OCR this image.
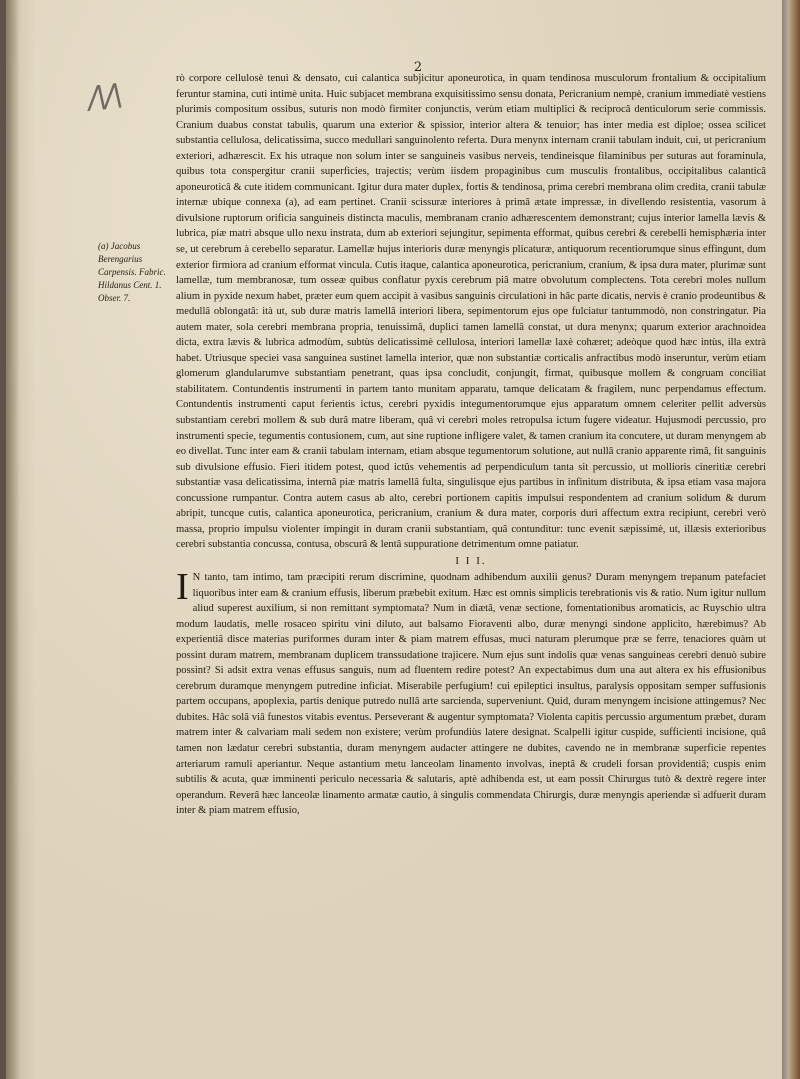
2
/\/\
(a) Jacobus Berengarius Carpensis. Fabric. Hildanus Cent. 1. Obser. 7.

rò corpore cellulosè tenui & densato, cui calantica subjicitur aponeurotica, in quam tendinosa musculorum frontalium & occipitalium feruntur stamina, cuti intimè unita. Huic subjacet membrana exquisitissimo sensu donata, Pericranium nempè, cranium immediatè vestiens plurimis compositum ossibus, suturis non modò firmiter conjunctis, verùm etiam multiplici & reciprocâ denticulorum serie commissis. Cranium duabus constat tabulis, quarum una exterior & spissior, interior altera & tenuior; has inter media est diploe; ossea scilicet substantia cellulosa, delicatissima, succo medullari sanguinolento referta. Dura menynx internam cranii tabulam induit, cui, ut pericranium exteriori, adhærescit. Ex his utraque non solum inter se sanguineis vasibus nerveis, tendineisque filaminibus per suturas aut foraminula, quibus tota conspergitur cranii superficies, trajectis; verùm iisdem propaginibus cum musculis frontalibus, occipitalibus calanticâ aponeuroticâ & cute itidem communicant. Igitur dura mater duplex, fortis & tendinosa, prima cerebri membrana olim credita, cranii tabulæ internæ ubique connexa (a), ad eam pertinet. Cranii scissuræ interiores à primâ ætate impressæ, in divellendo resistentia, vasorum à divulsione ruptorum orificia sanguineis distincta maculis, membranam cranio adhærescentem demonstrant; cujus interior lamella lævis & lubrica, piæ matri absque ullo nexu instrata, dum ab exteriori sejungitur, sepimenta efformat, quibus cerebri & cerebelli hemisphæria inter se, ut cerebrum à cerebello separatur. Lamellæ hujus interioris duræ menyngis plicaturæ, antiquorum recentiorumque sinus effingunt, dum exterior firmiora ad cranium efformat vincula. Cutis itaque, calantica aponeurotica, pericranium, cranium, & ipsa dura mater, plurimæ sunt lamellæ, tum membranosæ, tum osseæ quibus conflatur pyxis cerebrum piâ matre obvolutum complectens. Tota cerebri moles nullum alium in pyxide nexum habet, præter eum quem accipit à vasibus sanguinis circulationi in hâc parte dicatis, nervis è cranio prodeuntibus & medullâ oblongatâ: ità ut, sub duræ matris lamellâ interiori libera, sepimentorum ejus ope fulciatur tantummodò, non constringatur. Pia autem mater, sola cerebri membrana propria, tenuissimâ, duplici tamen lamellâ constat, ut dura menynx; quarum exterior arachnoidea dicta, extra lævis & lubrica admodùm, subtùs delicatissimè cellulosa, interiori lamellæ laxè cohæret; adeòque quod hæc intùs, illa extrà habet. Utriusque speciei vasa sanguinea sustinet lamella interior, quæ non substantiæ corticalis anfractibus modò inseruntur, verùm etiam glomerum glandularumve substantiam penetrant, quas ipsa concludit, conjungit, firmat, quibusque mollem & congruam conciliat stabilitatem. Contundentis instrumenti in partem tanto munitam apparatu, tamque delicatam & fragilem, nunc perpendamus effectum. Contundentis instrumenti caput ferientis ictus, cerebri pyxidis integumentorumque ejus apparatum omnem celeriter pellit adversùs substantiam cerebri mollem & sub durâ matre liberam, quâ vi cerebri moles retropulsa ictum fugere videatur. Hujusmodi percussio, pro instrumenti specie, tegumentis contusionem, cum, aut sine ruptione infligere valet, & tamen cranium ita concutere, ut duram menyngem ab eo divellat. Tunc inter eam & cranii tabulam internam, etiam absque tegumentorum solutione, aut nullâ cranio apparente rimâ, fit sanguinis sub divulsione effusio. Fieri itidem potest, quod ictûs vehementis ad perpendiculum tanta sit percussio, ut mollioris cineritiæ cerebri substantiæ vasa delicatissima, internâ piæ matris lamellâ fulta, singulisque ejus partibus in infinitum distributa, & ipsa etiam vasa majora concussione rumpantur. Contra autem casus ab alto, cerebri portionem capitis impulsui respondentem ad cranium solidum & durum abripit, tuncque cutis, calantica aponeurotica, pericranium, cranium & dura mater, corporis duri affectum extra recipiunt, cerebri verò massa, proprio impulsu violenter impingit in duram cranii substantiam, quâ contunditur: tunc evenit sæpissimè, ut, illæsis exterioribus cerebri substantia concussa, contusa, obscurâ & lentâ suppuratione detrimentum omne patiatur.

I I I.

I N tanto, tam intimo, tam præcipiti rerum discrimine, quodnam adhibendum auxilii genus? Duram menyngem trepanum patefaciet liquoribus inter eam & cranium effusis, liberum præbebit exitum. Hæc est omnis simplicis terebrationis vis & ratio. Num igitur nullum aliud superest auxilium, si non remittant symptomata? Num in diætâ, venæ sectione, fomentationibus aromaticis, ac Ruyschio ultra modum laudatis, melle rosaceo spiritu vini diluto, aut balsamo Fioraventi albo, duræ menyngi sindone applicito, hærebimus? Ab experientiâ disce materias puriformes duram inter & piam matrem effusas, muci naturam plerumque præ se ferre, tenaciores quàm ut possint duram matrem, membranam duplicem transsudatione trajicere. Num ejus sunt indolis quæ venas sanguineas cerebri denuò subire possint? Si adsit extra venas effusus sanguis, num ad fluentem redire potest? An expectabimus dum una aut altera ex his effusionibus cerebrum duramque menyngem putredine inficiat. Miserabile perfugium! cui epileptici insultus, paralysis oppositam semper suffusionis partem occupans, apoplexia, partis denique putredo nullâ arte sarcienda, superveniunt. Quid, duram menyngem incisione attingemus? Nec dubites. Hâc solâ viâ funestos vitabis eventus. Perseverant & augentur symptomata? Violenta capitis percussio argumentum præbet, duram matrem inter & calvariam mali sedem non existere; verùm profundiùs latere designat. Scalpelli igitur cuspide, sufficienti incisione, quâ tamen non lædatur cerebri substantia, duram menyngem audacter attingere ne dubites, cavendo ne in membranæ superficie repentes arteriarum ramuli aperiantur. Neque astantium metu lanceolam linamento involvas, ineptâ & crudeli forsan providentiâ; cuspis enim subtilis & acuta, quæ imminenti periculo necessaria & salutaris, aptè adhibenda est, ut eam possit Chirurgus tutò & dextrè regere inter operandum. Reverâ hæc lanceolæ linamento armatæ cautio, à singulis commendata Chirurgis, duræ menyngis aperiendæ si adfuerit duram inter & piam matrem effusio,
